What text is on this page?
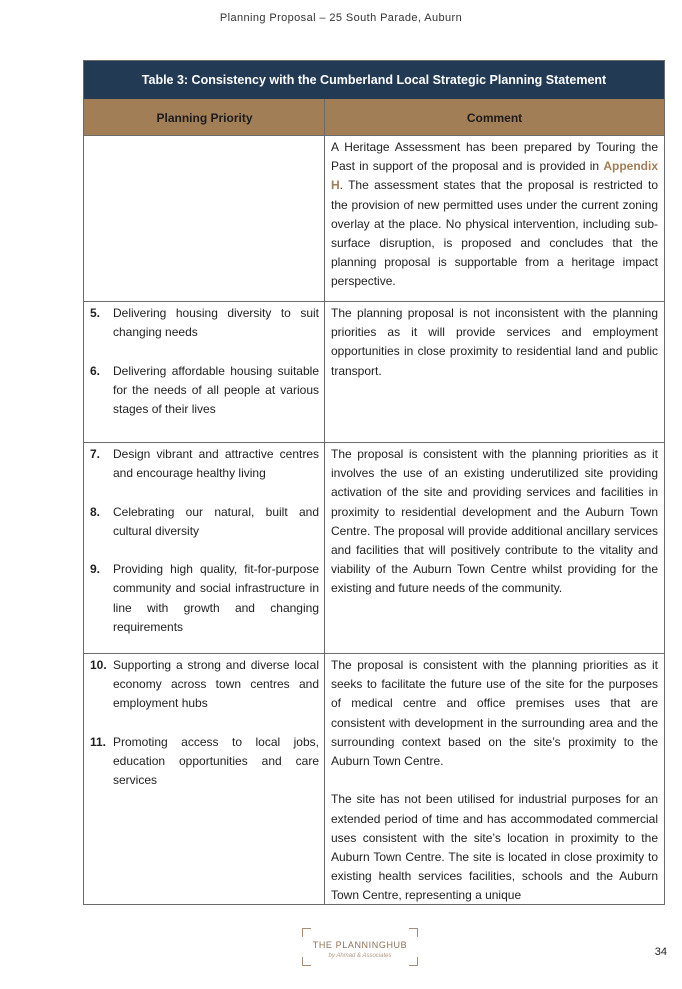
Planning Proposal – 25 South Parade, Auburn
Table 3: Consistency with the Cumberland Local Strategic Planning Statement
Planning Priority	Comment

A Heritage Assessment has been prepared by Touring the Past in support of the proposal and is provided in Appendix H. The assessment states that the proposal is restricted to the provision of new permitted uses under the current zoning overlay at the place. No physical intervention, including sub-surface disruption, is proposed and concludes that the planning proposal is supportable from a heritage impact perspective.

5.	Delivering housing diversity to suit changing needs
6.	Delivering affordable housing suitable for the needs of all people at various stages of their lives

The planning proposal is not inconsistent with the planning priorities as it will provide services and employment opportunities in close proximity to residential land and public transport.

7.	Design vibrant and attractive centres and encourage healthy living
8.	Celebrating our natural, built and cultural diversity
9.	Providing high quality, fit-for-purpose community and social infrastructure in line with growth and changing requirements

The proposal is consistent with the planning priorities as it involves the use of an existing underutilized site providing activation of the site and providing services and facilities in proximity to residential development and the Auburn Town Centre. The proposal will provide additional ancillary services and facilities that will positively contribute to the vitality and viability of the Auburn Town Centre whilst providing for the existing and future needs of the community.

10. Supporting a strong and diverse local economy across town centres and employment hubs
11. Promoting access to local jobs, education opportunities and care services

The proposal is consistent with the planning priorities as it seeks to facilitate the future use of the site for the purposes of medical centre and office premises uses that are consistent with development in the surrounding area and the surrounding context based on the site’s proximity to the Auburn Town Centre.

The site has not been utilised for industrial purposes for an extended period of time and has accommodated commercial uses consistent with the site’s location in proximity to the Auburn Town Centre. The site is located in close proximity to existing health services facilities, schools and the Auburn Town Centre, representing a unique

THE PLANNINGHUB
by Ahmad & Associates	34
